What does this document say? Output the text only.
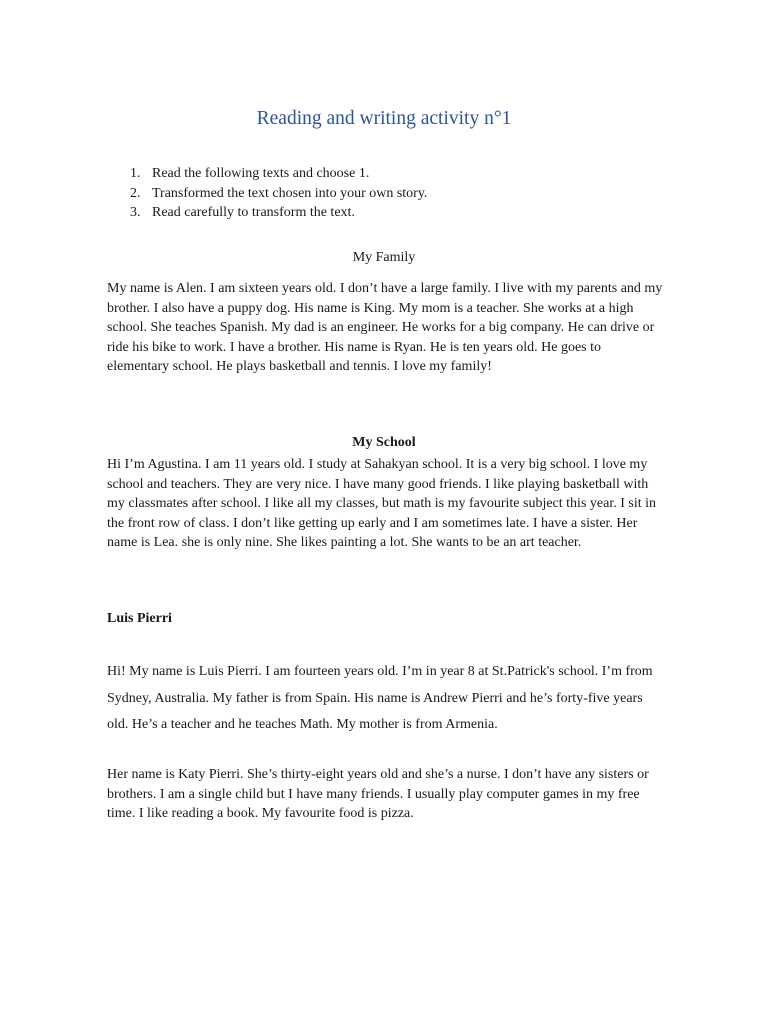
Reading and writing activity n°1
1. Read the following texts and choose 1.
2. Transformed the text chosen into your own story.
3. Read carefully to transform the text.
My Family

My name is Alen. I am sixteen years old. I don’t have a large family. I live with my parents and my brother. I also have a puppy dog. His name is King. My mom is a teacher. She works at a high school. She teaches Spanish. My dad is an engineer. He works for a big company. He can drive or ride his bike to work. I have a brother. His name is Ryan. He is ten years old. He goes to elementary school. He plays basketball and tennis. I love my family!

My School

Hi I’m Agustina. I am 11 years old. I study at Sahakyan school. It is a very big school. I love my school and teachers. They are very nice. I have many good friends. I like playing basketball with my classmates after school. I like all my classes, but math is my favourite subject this year. I sit in the front row of class. I don’t like getting up early and I am sometimes late. I have a sister. Her name is Lea. she is only nine. She likes painting a lot. She wants to be an art teacher.

Luis Pierri

Hi! My name is Luis Pierri. I am fourteen years old. I’m in year 8 at St.Patrick's school. I’m from Sydney, Australia. My father is from Spain. His name is Andrew Pierri and he’s forty-five years old. He’s a teacher and he teaches Math. My mother is from Armenia.

Her name is Katy Pierri. She’s thirty-eight years old and she’s a nurse. I don’t have any sisters or brothers. I am a single child but I have many friends. I usually play computer games in my free time. I like reading a book. My favourite food is pizza.
